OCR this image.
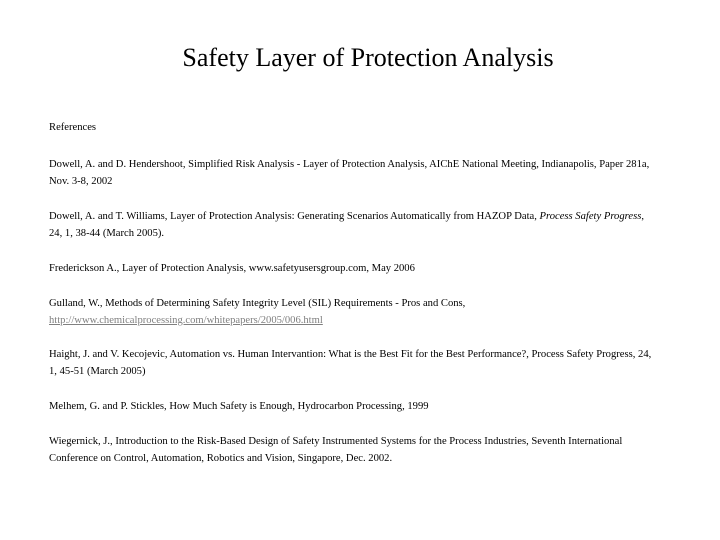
Safety Layer of Protection Analysis

References

Dowell, A. and D. Hendershoot, Simplified Risk Analysis - Layer of Protection Analysis, AIChE National Meeting, Indianapolis, Paper 281a, Nov. 3-8, 2002

Dowell, A. and T. Williams, Layer of Protection Analysis: Generating Scenarios Automatically from HAZOP Data, Process Safety Progress, 24, 1, 38-44 (March 2005).

Frederickson A., Layer of Protection Analysis, www.safetyusersgroup.com, May 2006

Gulland, W., Methods of Determining Safety Integrity Level (SIL) Requirements - Pros and Cons,
http://www.chemicalprocessing.com/whitepapers/2005/006.html

Haight, J. and V. Kecojevic, Automation vs. Human Intervantion: What is the Best Fit for the Best Performance?, Process Safety Progress, 24, 1, 45-51 (March 2005)

Melhem, G. and P. Stickles, How Much Safety is Enough, Hydrocarbon Processing, 1999

Wiegernick, J., Introduction to the Risk-Based Design of Safety Instrumented Systems for the Process Industries, Seventh International Conference on Control, Automation, Robotics and Vision, Singapore, Dec. 2002.
